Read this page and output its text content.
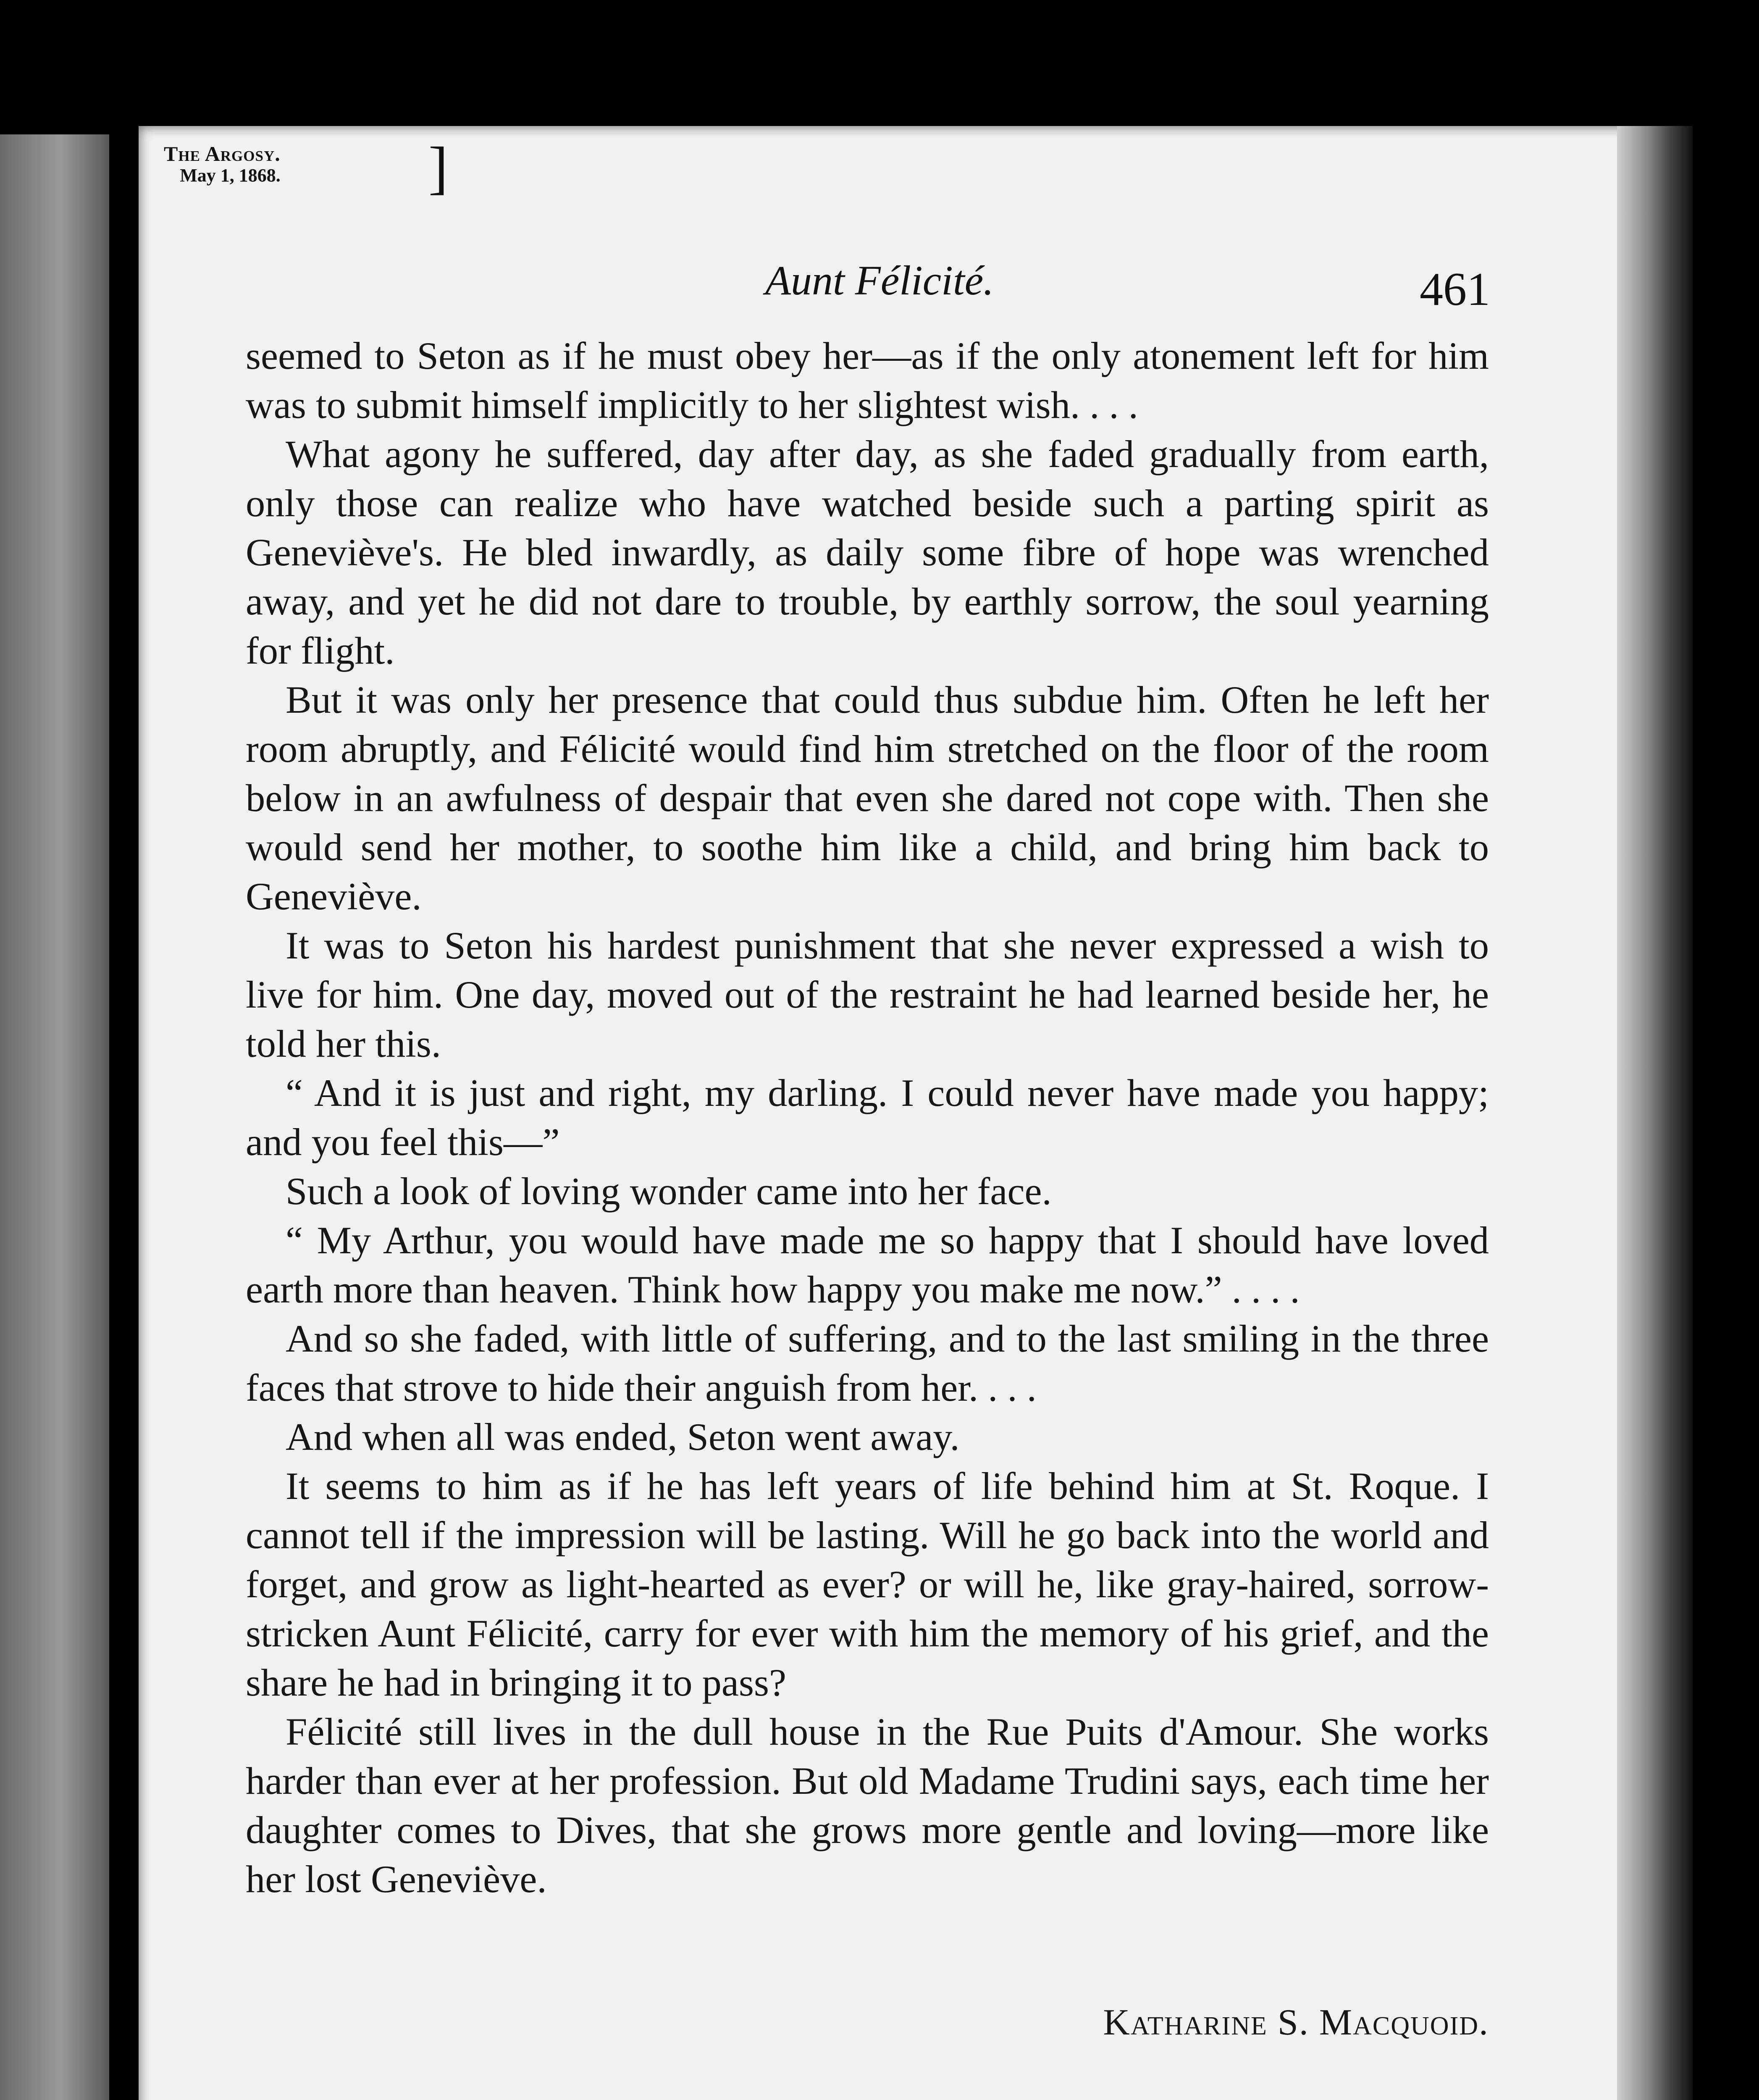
The Argosy.
May 1, 1868.	]
Aunt Félicité.	461

seemed to Seton as if he must obey her—as if the only atonement left for him was to submit himself implicitly to her slightest wish. . . .

What agony he suffered, day after day, as she faded gradually from earth, only those can realize who have watched beside such a parting spirit as Geneviève's. He bled inwardly, as daily some fibre of hope was wrenched away, and yet he did not dare to trouble, by earthly sorrow, the soul yearning for flight.

But it was only her presence that could thus subdue him. Often he left her room abruptly, and Félicité would find him stretched on the floor of the room below in an awfulness of despair that even she dared not cope with. Then she would send her mother, to soothe him like a child, and bring him back to Geneviève.

It was to Seton his hardest punishment that she never expressed a wish to live for him. One day, moved out of the restraint he had learned beside her, he told her this.

“ And it is just and right, my darling. I could never have made you happy; and you feel this—”

Such a look of loving wonder came into her face.

“ My Arthur, you would have made me so happy that I should have loved earth more than heaven. Think how happy you make me now.” . . . .

And so she faded, with little of suffering, and to the last smiling in the three faces that strove to hide their anguish from her. . . .

And when all was ended, Seton went away.

It seems to him as if he has left years of life behind him at St. Roque. I cannot tell if the impression will be lasting. Will he go back into the world and forget, and grow as light-hearted as ever? or will he, like gray-haired, sorrow-stricken Aunt Félicité, carry for ever with him the memory of his grief, and the share he had in bringing it to pass?

Félicité still lives in the dull house in the Rue Puits d'Amour. She works harder than ever at her profession. But old Madame Trudini says, each time her daughter comes to Dives, that she grows more gentle and loving—more like her lost Geneviève.

Katharine S. Macquoid.
